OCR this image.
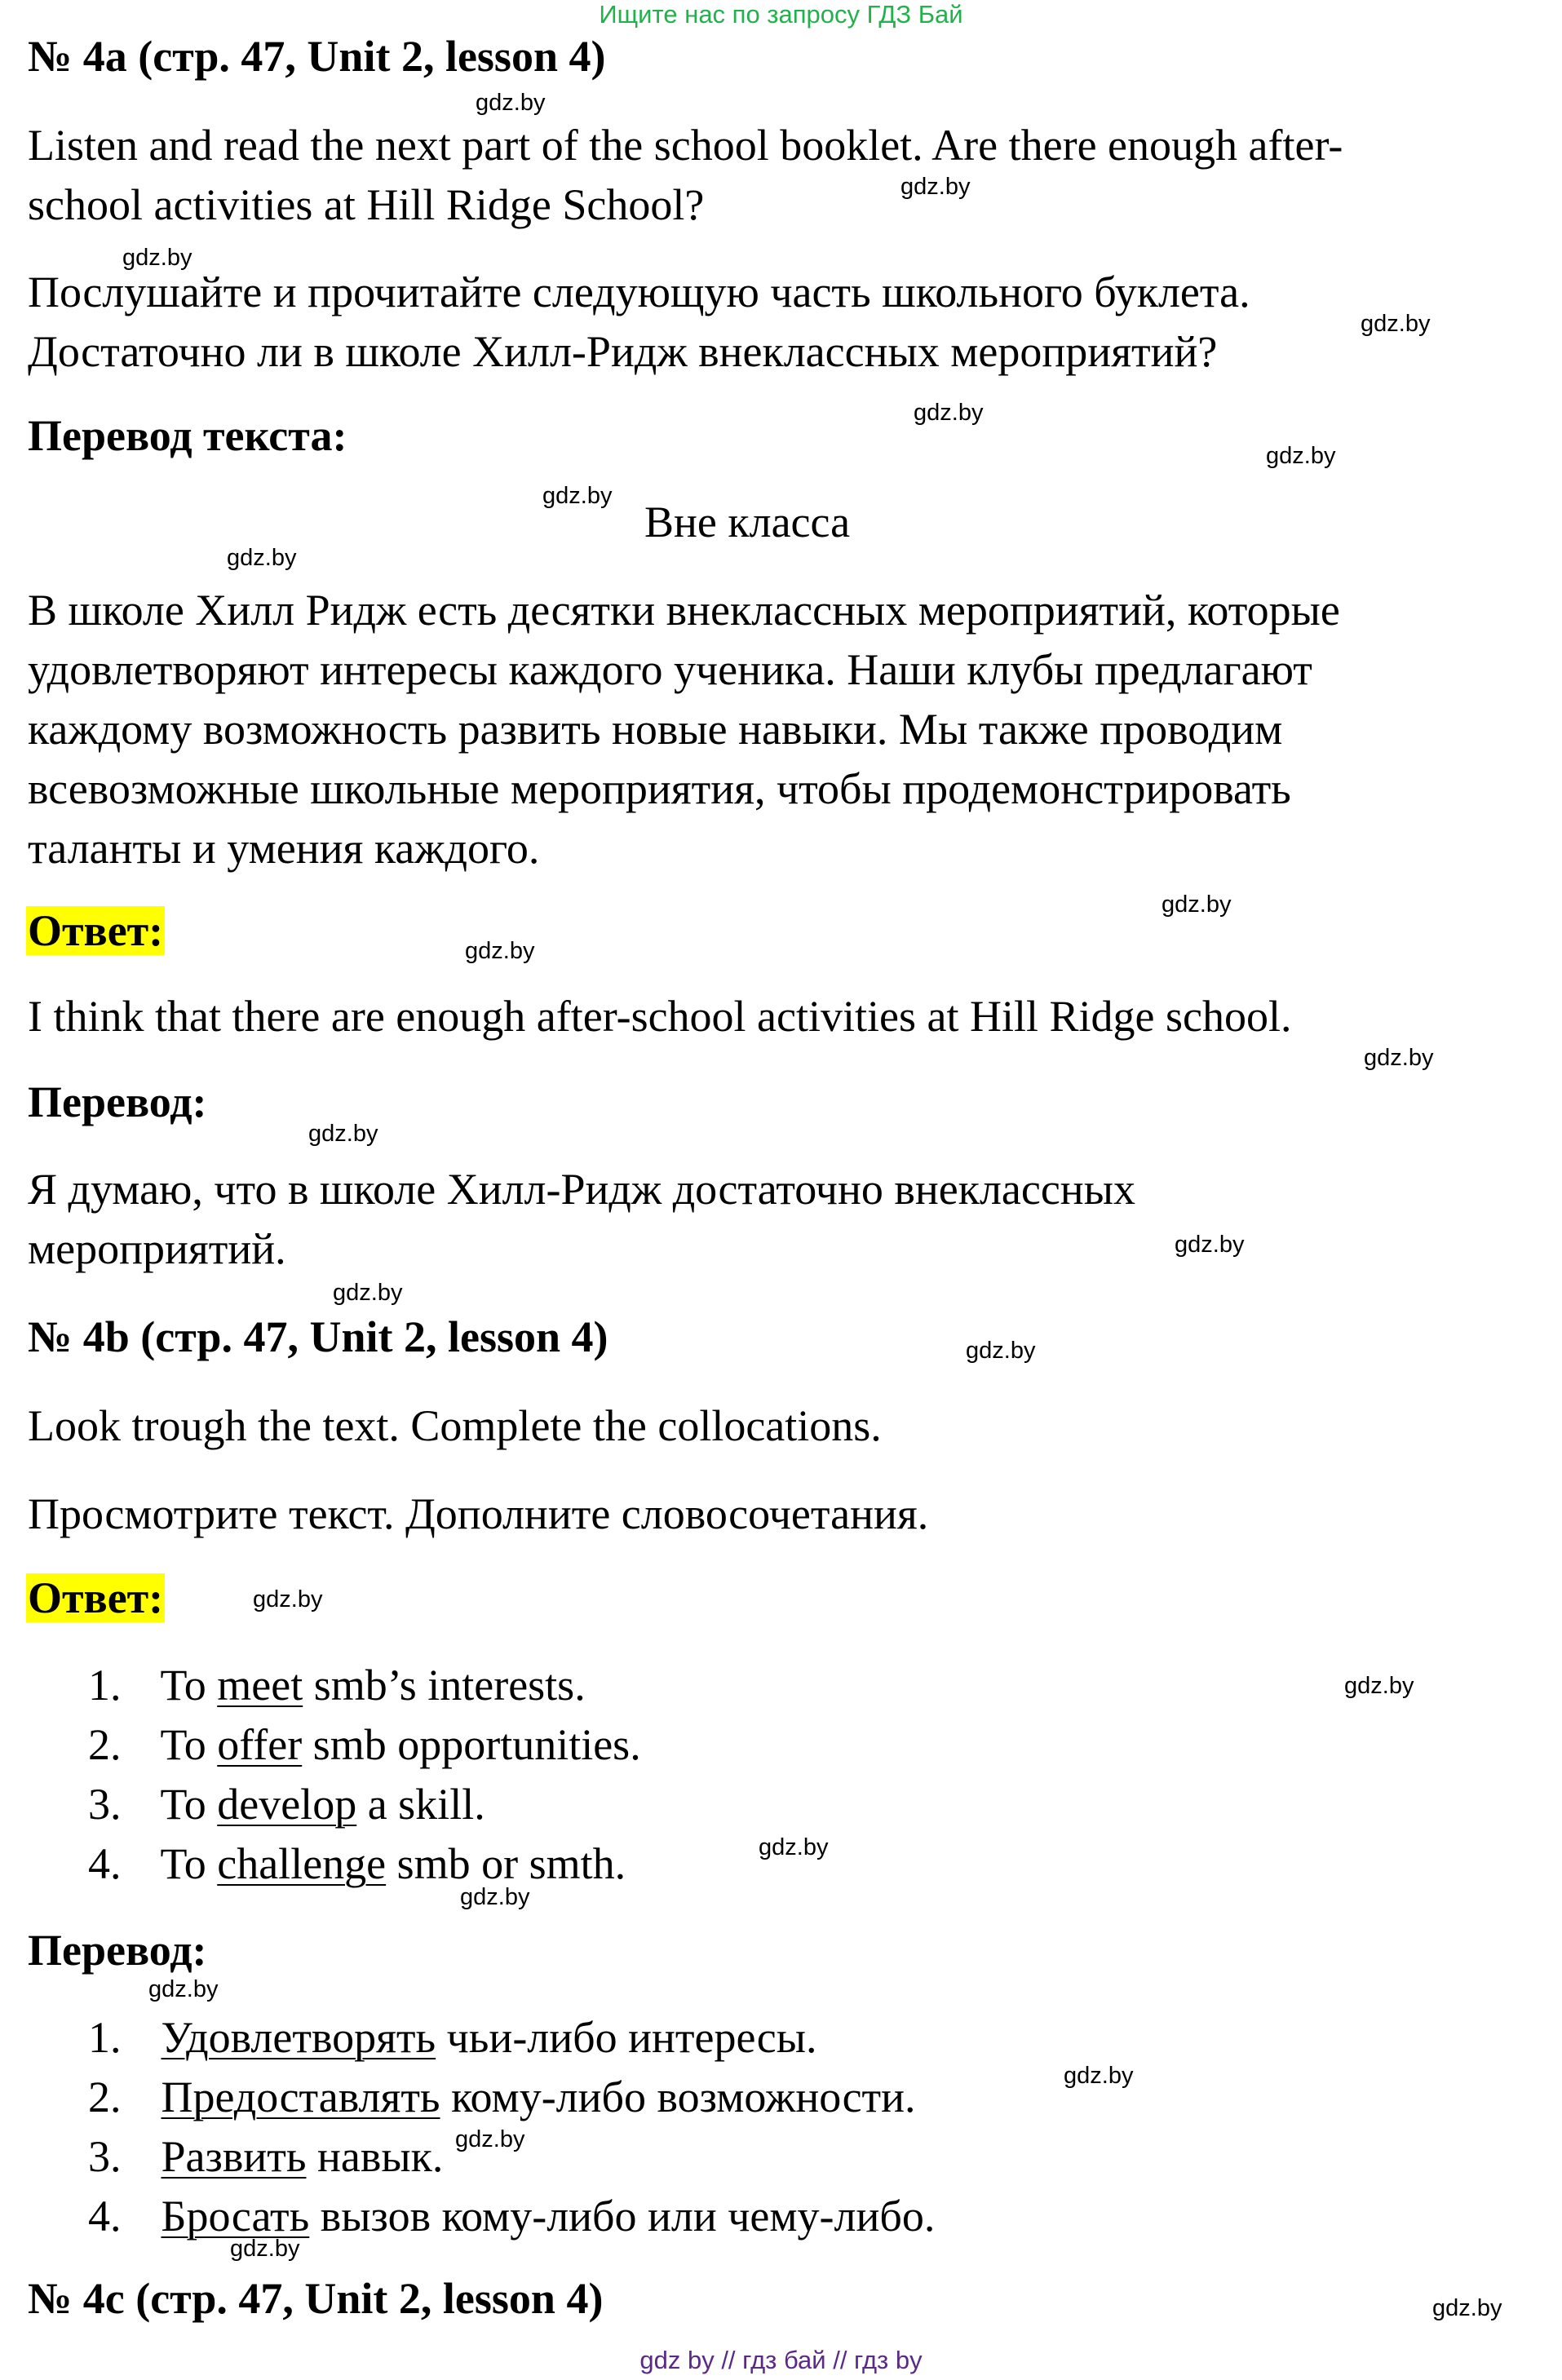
Ищите нас по запросу ГДЗ Бай
№ 4a (стр. 47, Unit 2, lesson 4)
Listen and read the next part of the school booklet. Are there enough after-
school activities at Hill Ridge School?
Послушайте и прочитайте следующую часть школьного буклета.
Достаточно ли в школе Хилл-Ридж внеклассных мероприятий?
Перевод текста:
Вне класса
В школе Хилл Ридж есть десятки внеклассных мероприятий, которые
удовлетворяют интересы каждого ученика. Наши клубы предлагают
каждому возможность развить новые навыки. Мы также проводим
всевозможные школьные мероприятия, чтобы продемонстрировать
таланты и умения каждого.
Ответ:
I think that there are enough after-school activities at Hill Ridge school.
Перевод:
Я думаю, что в школе Хилл-Ридж достаточно внеклассных
мероприятий.
№ 4b (стр. 47, Unit 2, lesson 4)
Look trough the text. Complete the collocations.
Просмотрите текст. Дополните словосочетания.
Ответ:
1. To meet smb’s interests.
2. To offer smb opportunities.
3. To develop a skill.
4. To challenge smb or smth.
Перевод:
1. Удовлетворять чьи-либо интересы.
2. Предоставлять кому-либо возможности.
3. Развить навык.
4. Бросать вызов кому-либо или чему-либо.
№ 4c (стр. 47, Unit 2, lesson 4)
gdz.by
gdz.by
gdz.by
gdz.by
gdz.by
gdz.by
gdz.by
gdz.by
gdz.by
gdz.by
gdz.by
gdz.by
gdz.by
gdz.by
gdz.by
gdz.by
gdz.by
gdz.by
gdz.by
gdz.by
gdz.by
gdz.by
gdz.by
gdz.by
gdz by // гдз бай // гдз by
